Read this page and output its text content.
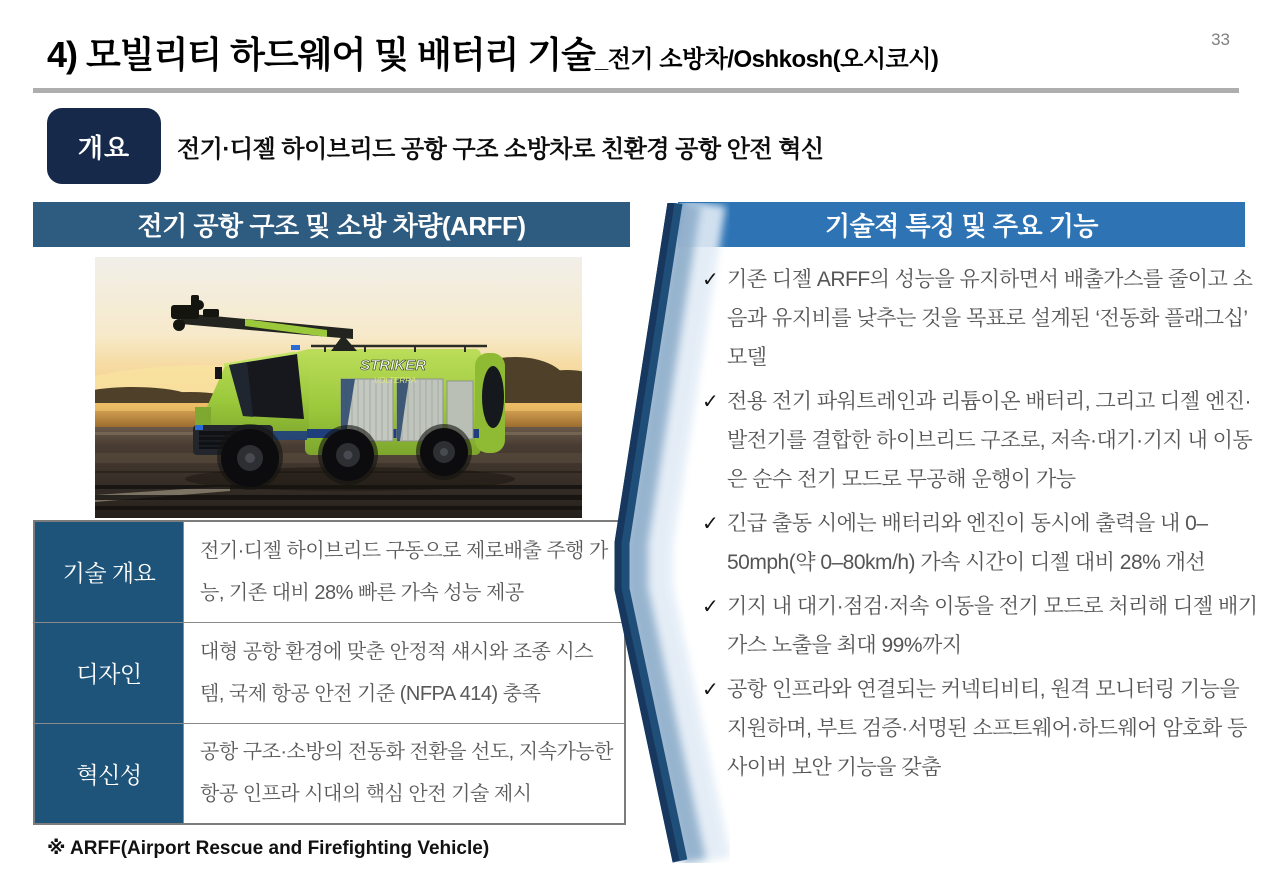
4) 모빌리티 하드웨어 및 배터리 기술_전기 소방차/Oshkosh(오시코시)
33
개요	전기·디젤 하이브리드 공항 구조 소방차로 친환경 공항 안전 혁신
전기 공항 구조 및 소방 차량(ARFF)	기술적 특징 및 주요 기능
STRIKER
VOLTERRA
기술 개요	전기·디젤 하이브리드 구동으로 제로배출 주행 가능, 기존 대비 28% 빠른 가속 성능 제공
디자인	대형 공항 환경에 맞춘 안정적 섀시와 조종 시스템, 국제 항공 안전 기준 (NFPA 414) 충족
혁신성	공항 구조·소방의 전동화 전환을 선도, 지속가능한 항공 인프라 시대의 핵심 안전 기술 제시
※ ARFF(Airport Rescue and Firefighting Vehicle)
✓ 기존 디젤 ARFF의 성능을 유지하면서 배출가스를 줄이고 소음과 유지비를 낮추는 것을 목표로 설계된 ‘전동화 플래그십’ 모델
✓ 전용 전기 파워트레인과 리튬이온 배터리, 그리고 디젤 엔진·발전기를 결합한 하이브리드 구조로, 저속·대기·기지 내 이동은 순수 전기 모드로 무공해 운행이 가능
✓ 긴급 출동 시에는 배터리와 엔진이 동시에 출력을 내 0–50mph(약 0–80km/h) 가속 시간이 디젤 대비 28% 개선
✓ 기지 내 대기·점검·저속 이동을 전기 모드로 처리해 디젤 배기가스 노출을 최대 99%까지
✓ 공항 인프라와 연결되는 커넥티비티, 원격 모니터링 기능을 지원하며, 부트 검증·서명된 소프트웨어·하드웨어 암호화 등 사이버 보안 기능을 갖춤
